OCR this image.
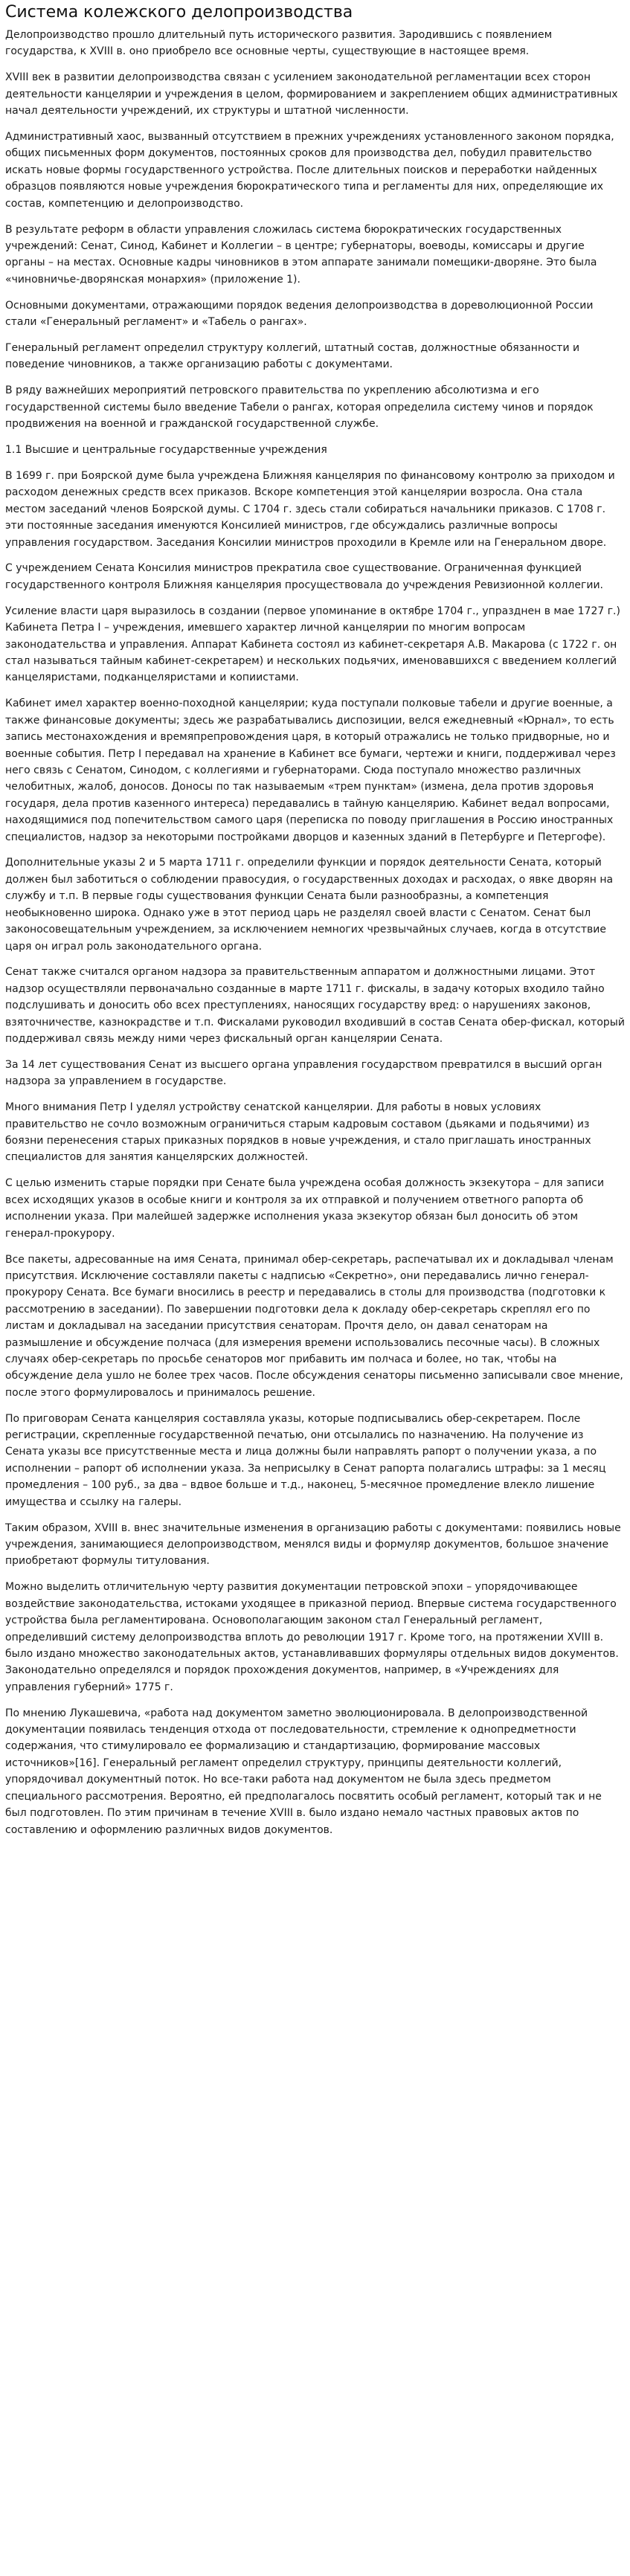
Система колежского делопроизводства

Делопроизводство прошло длительный путь исторического развития. Зародившись с появлением государства, к XVIII в. оно приобрело все основные черты, существующие в настоящее время.

XVIII век в развитии делопроизводства связан с усилением законодательной регламентации всех сторон деятельности канцелярии и учреждения в целом, формированием и закреплением общих административных начал деятельности учреждений, их структуры и штатной численности.

Административный хаос, вызванный отсутствием в прежних учреждениях установленного законом порядка, общих письменных форм документов, постоянных сроков для производства дел, побудил правительство искать новые формы государственного устройства. После длительных поисков и переработки найденных образцов появляются новые учреждения бюрократического типа и регламенты для них, определяющие их состав, компетенцию и делопроизводство.

В результате реформ в области управления сложилась система бюрократических государственных учреждений: Сенат, Синод, Кабинет и Коллегии – в центре; губернаторы, воеводы, комиссары и другие органы – на местах. Основные кадры чиновников в этом аппарате занимали помещики-дворяне. Это была «чиновничье-дворянская монархия» (приложение 1).

Основными документами, отражающими порядок ведения делопроизводства в дореволюционной России стали «Генеральный регламент» и «Табель о рангах».

Генеральный регламент определил структуру коллегий, штатный состав, должностные обязанности и поведение чиновников, а также организацию работы с документами.

В ряду важнейших мероприятий петровского правительства по укреплению абсолютизма и его государственной системы было введение Табели о рангах, которая определила систему чинов и порядок продвижения на военной и гражданской государственной службе.

1.1 Высшие и центральные государственные учреждения

В 1699 г. при Боярской думе была учреждена Ближняя канцелярия по финансовому контролю за приходом и расходом денежных средств всех приказов. Вскоре компетенция этой канцелярии возросла. Она стала местом заседаний членов Боярской думы. С 1704 г. здесь стали собираться начальники приказов. С 1708 г. эти постоянные заседания именуются Консилией министров, где обсуждались различные вопросы управления государством. Заседания Консилии министров проходили в Кремле или на Генеральном дворе.

С учреждением Сената Консилия министров прекратила свое существование. Ограниченная функцией государственного контроля Ближняя канцелярия просуществовала до учреждения Ревизионной коллегии.

Усиление власти царя выразилось в создании (первое упоминание в октябре 1704 г., упразднен в мае 1727 г.) Кабинета Петра I – учреждения, имевшего характер личной канцелярии по многим вопросам законодательства и управления. Аппарат Кабинета состоял из кабинет-секретаря А.В. Макарова (с 1722 г. он стал называться тайным кабинет-секретарем) и нескольких подьячих, именовавшихся с введением коллегий канцеляристами, подканцеляристами и копиистами.

Кабинет имел характер военно-походной канцелярии; куда поступали полковые табели и другие военные, а также финансовые документы; здесь же разрабатывались диспозиции, велся ежедневный «Юрнал», то есть запись местонахождения и времяпрепровождения царя, в который отражались не только придворные, но и военные события. Петр I передавал на хранение в Кабинет все бумаги, чертежи и книги, поддерживал через него связь с Сенатом, Синодом, с коллегиями и губернаторами. Сюда поступало множество различных челобитных, жалоб, доносов. Доносы по так называемым «трем пунктам» (измена, дела против здоровья государя, дела против казенного интереса) передавались в тайную канцелярию. Кабинет ведал вопросами, находящимися под попечительством самого царя (переписка по поводу приглашения в Россию иностранных специалистов, надзор за некоторыми постройками дворцов и казенных зданий в Петербурге и Петергофе).

Дополнительные указы 2 и 5 марта 1711 г. определили функции и порядок деятельности Сената, который должен был заботиться о соблюдении правосудия, о государственных доходах и расходах, о явке дворян на службу и т.п. В первые годы существования функции Сената были разнообразны, а компетенция необыкновенно широка. Однако уже в этот период царь не разделял своей власти с Сенатом. Сенат был законосовещательным учреждением, за исключением немногих чрезвычайных случаев, когда в отсутствие царя он играл роль законодательного органа.

Сенат также считался органом надзора за правительственным аппаратом и должностными лицами. Этот надзор осуществляли первоначально созданные в марте 1711 г. фискалы, в задачу которых входило тайно подслушивать и доносить обо всех преступлениях, наносящих государству вред: о нарушениях законов, взяточничестве, казнокрадстве и т.п. Фискалами руководил входивший в состав Сената обер-фискал, который поддерживал связь между ними через фискальный орган канцелярии Сената.

За 14 лет существования Сенат из высшего органа управления государством превратился в высший орган надзора за управлением в государстве.

Много внимания Петр I уделял устройству сенатской канцелярии. Для работы в новых условиях правительство не сочло возможным ограничиться старым кадровым составом (дьяками и подьячими) из боязни перенесения старых приказных порядков в новые учреждения, и стало приглашать иностранных специалистов для занятия канцелярских должностей.

С целью изменить старые порядки при Сенате была учреждена особая должность экзекутора – для записи всех исходящих указов в особые книги и контроля за их отправкой и получением ответного рапорта об исполнении указа. При малейшей задержке исполнения указа экзекутор обязан был доносить об этом генерал-прокурору.

Все пакеты, адресованные на имя Сената, принимал обер-секретарь, распечатывал их и докладывал членам присутствия. Исключение составляли пакеты с надписью «Секретно», они передавались лично генерал-прокурору Сената. Все бумаги вносились в реестр и передавались в столы для производства (подготовки к рассмотрению в заседании). По завершении подготовки дела к докладу обер-секретарь скреплял его по листам и докладывал на заседании присутствия сенаторам. Прочтя дело, он давал сенаторам на размышление и обсуждение полчаса (для измерения времени использовались песочные часы). В сложных случаях обер-секретарь по просьбе сенаторов мог прибавить им полчаса и более, но так, чтобы на обсуждение дела ушло не более трех часов. После обсуждения сенаторы письменно записывали свое мнение, после этого формулировалось и принималось решение.

По приговорам Сената канцелярия составляла указы, которые подписывались обер-секретарем. После регистрации, скрепленные государственной печатью, они отсылались по назначению. На получение из Сената указы все присутственные места и лица должны были направлять рапорт о получении указа, а по исполнении – рапорт об исполнении указа. За неприсылку в Сенат рапорта полагались штрафы: за 1 месяц промедления – 100 руб., за два – вдвое больше и т.д., наконец, 5-месячное промедление влекло лишение имущества и ссылку на галеры.

Таким образом, XVIII в. внес значительные изменения в организацию работы с документами: появились новые учреждения, занимающиеся делопроизводством, менялся виды и формуляр документов, большое значение приобретают формулы титулования.

Можно выделить отличительную черту развития документации петровской эпохи – упорядочивающее воздействие законодательства, истоками уходящее в приказной период. Впервые система государственного устройства была регламентирована. Основополагающим законом стал Генеральный регламент, определивший систему делопроизводства вплоть до революции 1917 г. Кроме того, на протяжении XVIII в. было издано множество законодательных актов, устанавливавших формуляры отдельных видов документов. Законодательно определялся и порядок прохождения документов, например, в «Учреждениях для управления губерний» 1775 г.

По мнению Лукашевича, «работа над документом заметно эволюционировала. В делопроизводственной документации появилась тенденция отхода от последовательности, стремление к однопредметности содержания, что стимулировало ее формализацию и стандартизацию, формирование массовых источников»[16]. Генеральный регламент определил структуру, принципы деятельности коллегий, упорядочивал документный поток. Но все-таки работа над документом не была здесь предметом специального рассмотрения. Вероятно, ей предполагалось посвятить особый регламент, который так и не был подготовлен. По этим причинам в течение XVIII в. было издано немало частных правовых актов по составлению и оформлению различных видов документов.
